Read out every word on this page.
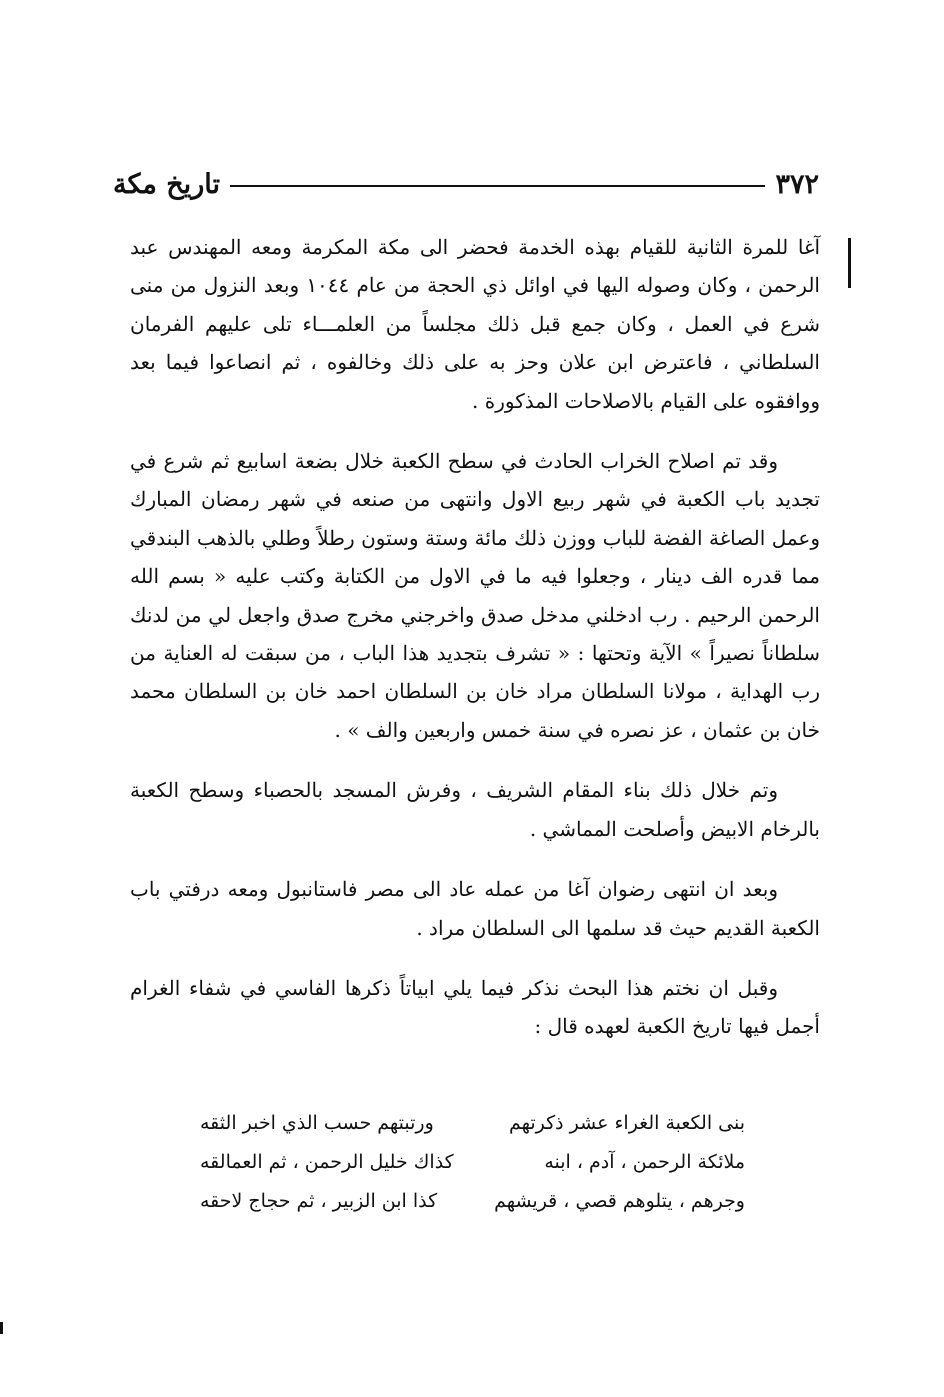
٣٧٢
تاريخ مكة

آغا للمرة الثانية للقيام بهذه الخدمة فحضر الى مكة المكرمة ومعه المهندس عبد الرحمن ، وكان وصوله اليها في اوائل ذي الحجة من عام ١٠٤٤ وبعد النزول من منى شرع في العمل ، وكان جمع قبل ذلك مجلساً من العلمـــاء تلى عليهم الفرمان السلطاني ، فاعترض ابن علان وحز به على ذلك وخالفوه ، ثم انصاعوا فيما بعد ووافقوه على القيام بالاصلاحات المذكورة .

وقد تم اصلاح الخراب الحادث في سطح الكعبة خلال بضعة اسابيع ثم شرع في تجديد باب الكعبة في شهر ربيع الاول وانتهى من صنعه في شهر رمضان المبارك وعمل الصاغة الفضة للباب ووزن ذلك مائة وستة وستون رطلاً وطلي بالذهب البندقي مما قدره الف دينار ، وجعلوا فيه ما في الاول من الكتابة وكتب عليه « بسم الله الرحمن الرحيم . رب ادخلني مدخل صدق واخرجني مخرج صدق واجعل لي من لدنك سلطاناً نصيراً » الآية وتحتها : « تشرف بتجديد هذا الباب ، من سبقت له العناية من رب الهداية ، مولانا السلطان مراد خان بن السلطان احمد خان بن السلطان محمد خان بن عثمان ، عز نصره في سنة خمس واربعين والف » .

وتم خلال ذلك بناء المقام الشريف ، وفرش المسجد بالحصباء وسطح الكعبة بالرخام الابيض وأصلحت المماشي .

وبعد ان انتهى رضوان آغا من عمله عاد الى مصر فاستانبول ومعه درفتي باب الكعبة القديم حيث قد سلمها الى السلطان مراد .

وقبل ان نختم هذا البحث نذكر فيما يلي ابياتاً ذكرها الفاسي في شفاء الغرام أجمل فيها تاريخ الكعبة لعهده قال :

بنى الكعبة الغراء عشر ذكرتهم
ورتبتهم حسب الذي اخبر الثقه
ملائكة الرحمن ، آدم ، ابنه
كذاك خليل الرحمن ، ثم العمالقه
وجرهم ، يتلوهم قصي ، قريشهم
كذا ابن الزبير ، ثم حجاج لاحقه
